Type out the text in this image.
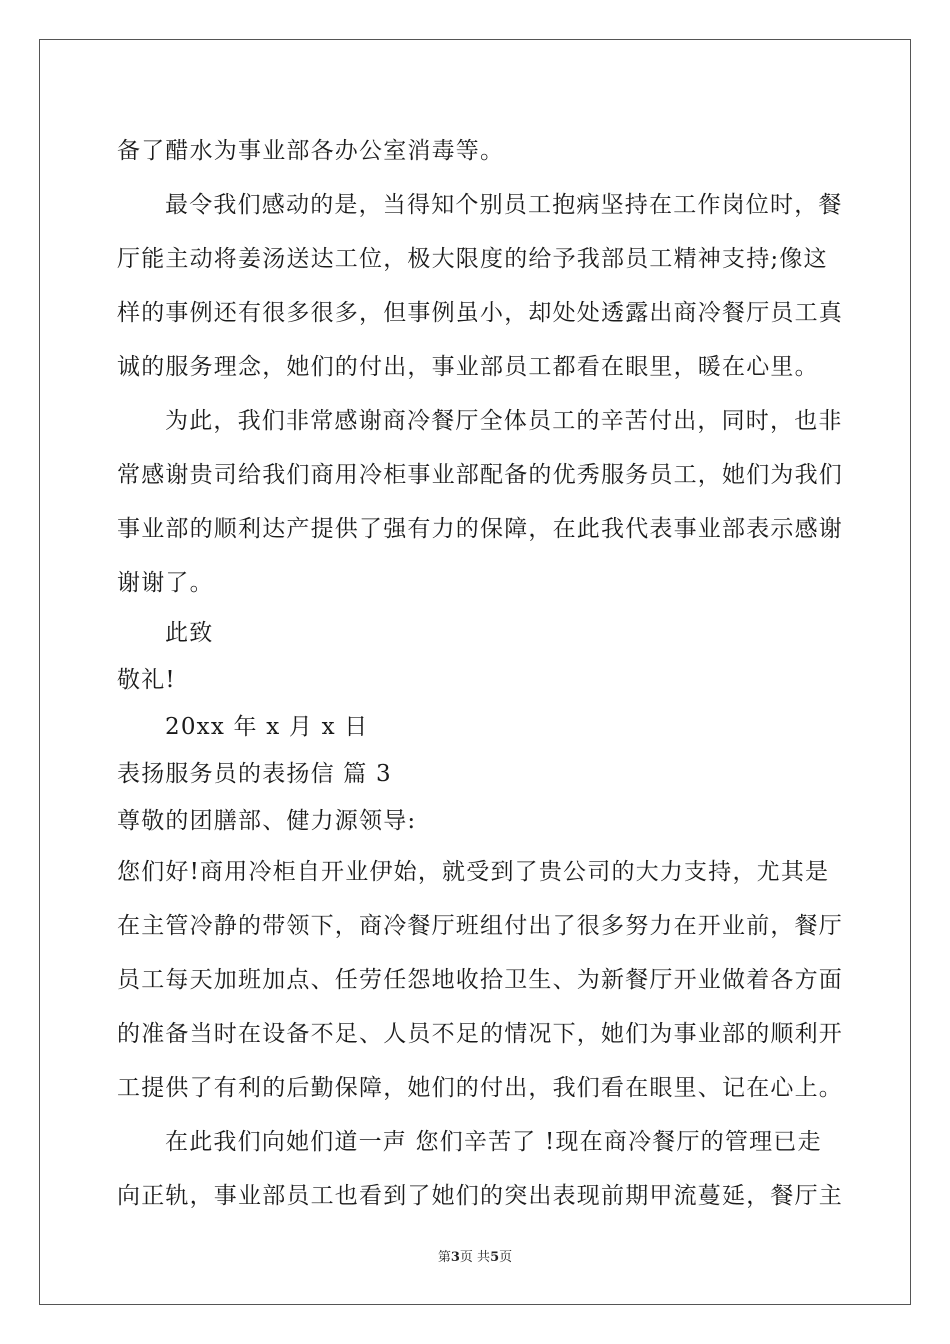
备了醋水为事业部各办公室消毒等。
最令我们感动的是，当得知个别员工抱病坚持在工作岗位时，餐
厅能主动将姜汤送达工位，极大限度的给予我部员工精神支持;像这
样的事例还有很多很多，但事例虽小，却处处透露出商冷餐厅员工真
诚的服务理念，她们的付出，事业部员工都看在眼里，暖在心里。
为此，我们非常感谢商冷餐厅全体员工的辛苦付出，同时，也非
常感谢贵司给我们商用冷柜事业部配备的优秀服务员工，她们为我们
事业部的顺利达产提供了强有力的保障，在此我代表事业部表示感谢
谢谢了。
此致
敬礼!
20xx 年 x 月 x 日
表扬服务员的表扬信 篇 3
尊敬的团膳部、健力源领导:
您们好!商用冷柜自开业伊始，就受到了贵公司的大力支持，尤其是
在主管冷静的带领下，商冷餐厅班组付出了很多努力在开业前，餐厅
员工每天加班加点、任劳任怨地收拾卫生、为新餐厅开业做着各方面
的准备当时在设备不足、人员不足的情况下，她们为事业部的顺利开
工提供了有利的后勤保障，她们的付出，我们看在眼里、记在心上。
在此我们向她们道一声 您们辛苦了 !现在商冷餐厅的管理已走
向正轨，事业部员工也看到了她们的突出表现前期甲流蔓延，餐厅主
第3页 共5页
